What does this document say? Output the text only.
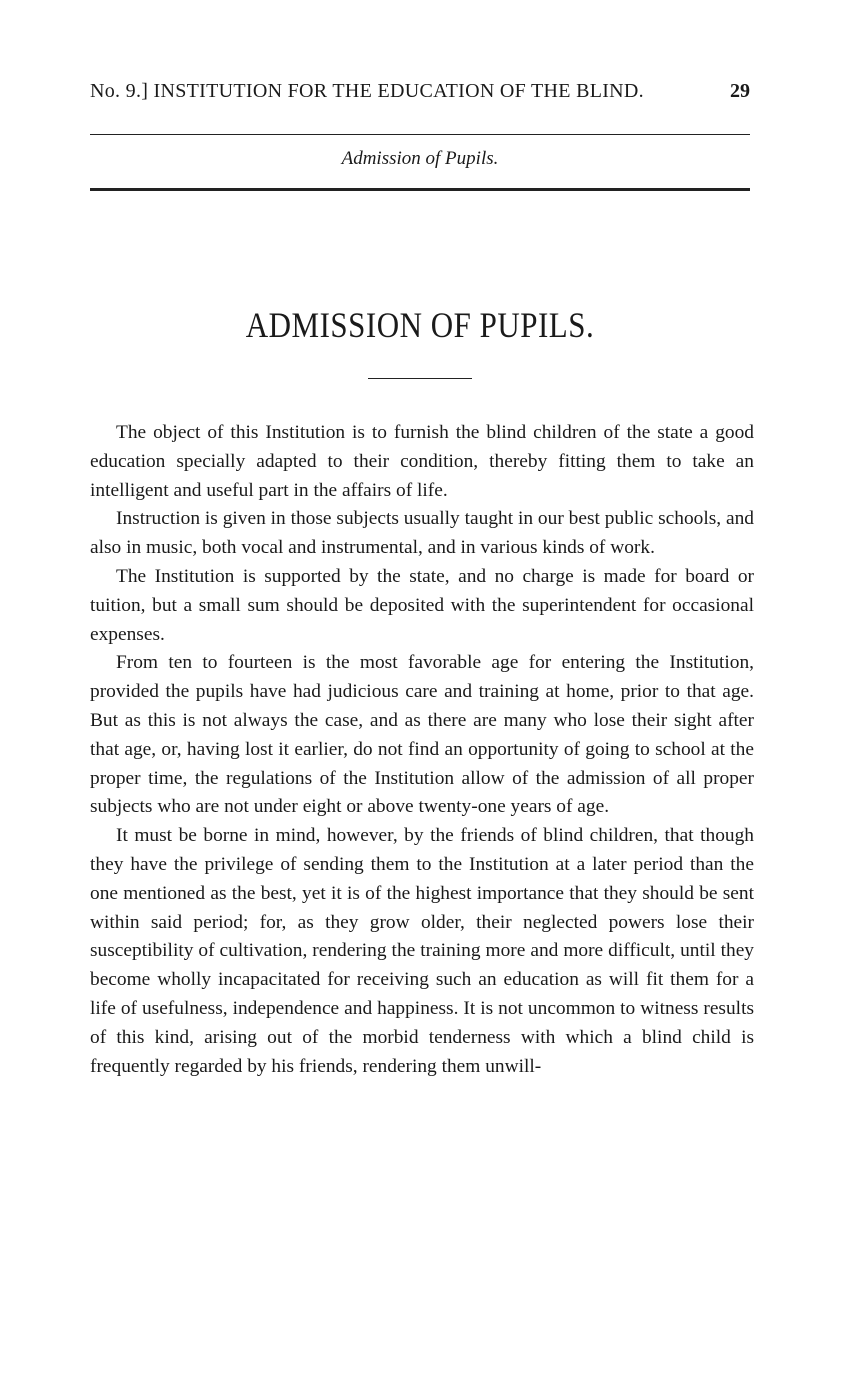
No. 9.] INSTITUTION FOR THE EDUCATION OF THE BLIND.	29
Admission of Pupils.
ADMISSION OF PUPILS.

The object of this Institution is to furnish the blind children of the state a good education specially adapted to their condition, thereby fitting them to take an intelligent and useful part in the affairs of life.

Instruction is given in those subjects usually taught in our best public schools, and also in music, both vocal and instrumental, and in various kinds of work.

The Institution is supported by the state, and no charge is made for board or tuition, but a small sum should be deposited with the superintendent for occasional expenses.

From ten to fourteen is the most favorable age for entering the Institution, provided the pupils have had judicious care and training at home, prior to that age. But as this is not always the case, and as there are many who lose their sight after that age, or, having lost it earlier, do not find an opportunity of going to school at the proper time, the regulations of the Institution allow of the admission of all proper subjects who are not under eight or above twenty-one years of age.

It must be borne in mind, however, by the friends of blind children, that though they have the privilege of sending them to the Institution at a later period than the one mentioned as the best, yet it is of the highest importance that they should be sent within said period; for, as they grow older, their neglected powers lose their susceptibility of cultivation, rendering the training more and more difficult, until they become wholly incapacitated for receiving such an education as will fit them for a life of usefulness, independence and happiness. It is not uncommon to witness results of this kind, arising out of the morbid tenderness with which a blind child is frequently regarded by his friends, rendering them unwill-
